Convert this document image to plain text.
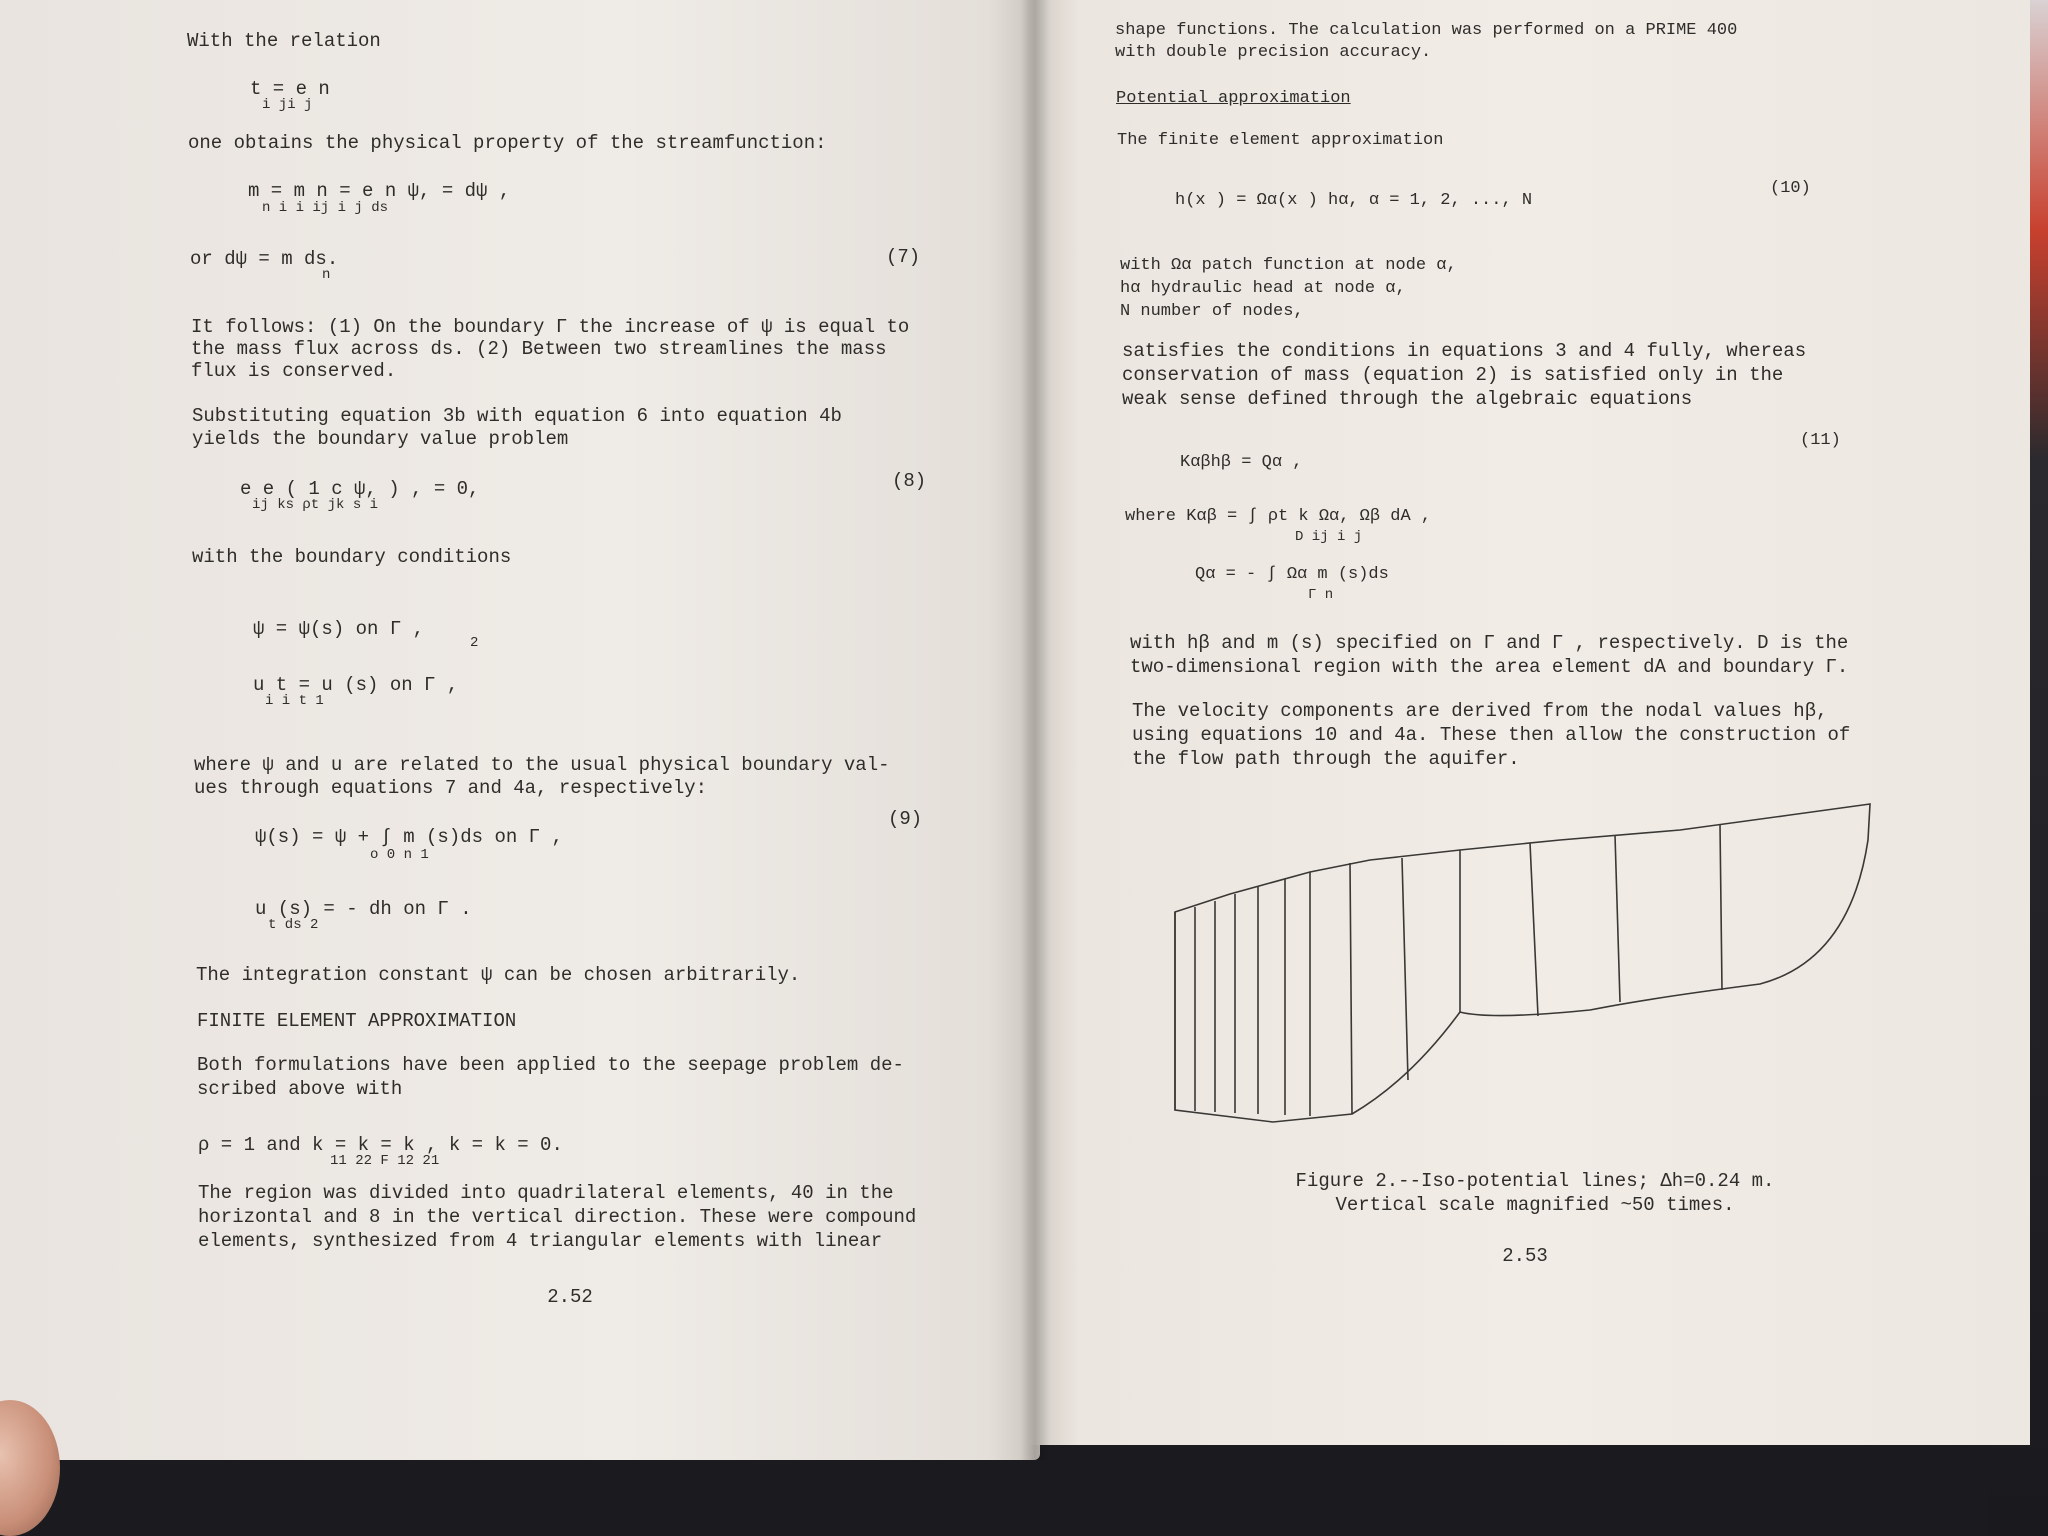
With the relation
t = e n
i ji j
one obtains the physical property of the streamfunction:
m = m n = e n ψ, = dψ ,
n i i ij i j ds
or dψ = m ds.
n
(7)
It follows: (1) On the boundary Γ the increase of ψ is equal to
the mass flux across ds. (2) Between two streamlines the mass
flux is conserved.
Substituting equation 3b with equation 6 into equation 4b
yields the boundary value problem
e e ( 1 c ψ, ) , = 0,
ij ks ρt jk s i
(8)
with the boundary conditions
ψ = ψ(s) on Γ ,
2
u t = u (s) on Γ ,
i i t 1
where ψ and u are related to the usual physical boundary val-
ues through equations 7 and 4a, respectively:
ψ(s) = ψ + ∫ m (s)ds on Γ ,
o 0 n 1
(9)
u (s) = - dh on Γ .
t ds 2
The integration constant ψ can be chosen arbitrarily.
FINITE ELEMENT APPROXIMATION
Both formulations have been applied to the seepage problem de-
scribed above with
ρ = 1 and k = k = k , k = k = 0.
11 22 F 12 21
The region was divided into quadrilateral elements, 40 in the
horizontal and 8 in the vertical direction. These were compound
elements, synthesized from 4 triangular elements with linear
2.52
shape functions. The calculation was performed on a PRIME 400
with double precision accuracy.
Potential approximation
The finite element approximation
h(x ) = Ωα(x ) hα, α = 1, 2, ..., N
(10)
with Ωα patch function at node α,
hα hydraulic head at node α,
N number of nodes,
satisfies the conditions in equations 3 and 4 fully, whereas
conservation of mass (equation 2) is satisfied only in the
weak sense defined through the algebraic equations
(11)
Kαβhβ = Qα ,
where Kαβ = ∫ ρt k Ωα, Ωβ dA ,
D ij i j
Qα = - ∫ Ωα m (s)ds
Γ n
with hβ and m (s) specified on Γ and Γ , respectively. D is the
two-dimensional region with the area element dA and boundary Γ.
The velocity components are derived from the nodal values hβ,
using equations 10 and 4a. These then allow the construction of
the flow path through the aquifer.
Figure 2.--Iso-potential lines; Δh=0.24 m.
Vertical scale magnified ~50 times.
2.53
